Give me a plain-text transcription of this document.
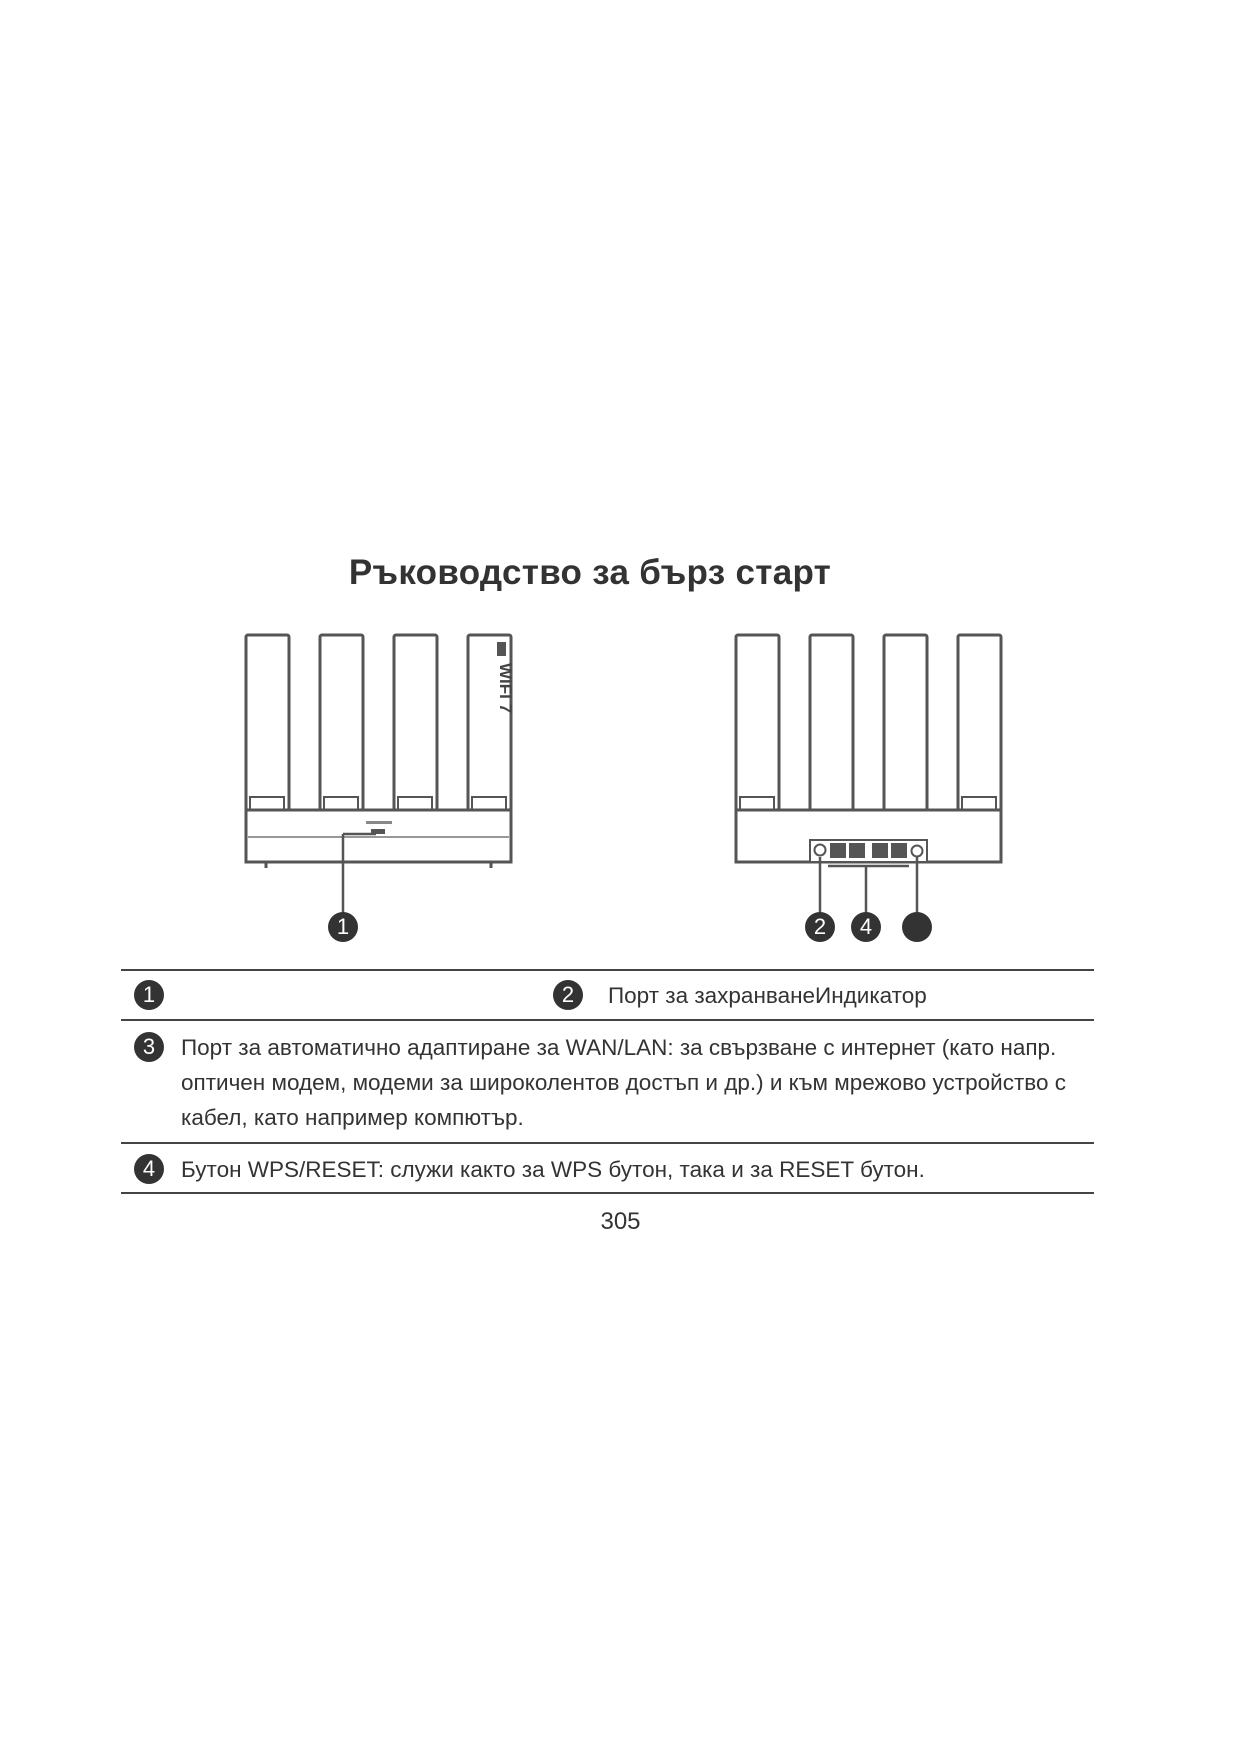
Ръководство за бърз старт
WIFI 7
1	2	4
1	2	Порт за захранванеИндикатор
3	Порт за автоматично адаптиране за WAN/LAN: за свързване с интернет (като напр.
оптичен модем, модеми за широколентов достъп и др.) и към мрежово устройство с
кабел, като например компютър.
4	Бутон WPS/RESET: служи както за WPS бутон, така и за RESET бутон.
305
